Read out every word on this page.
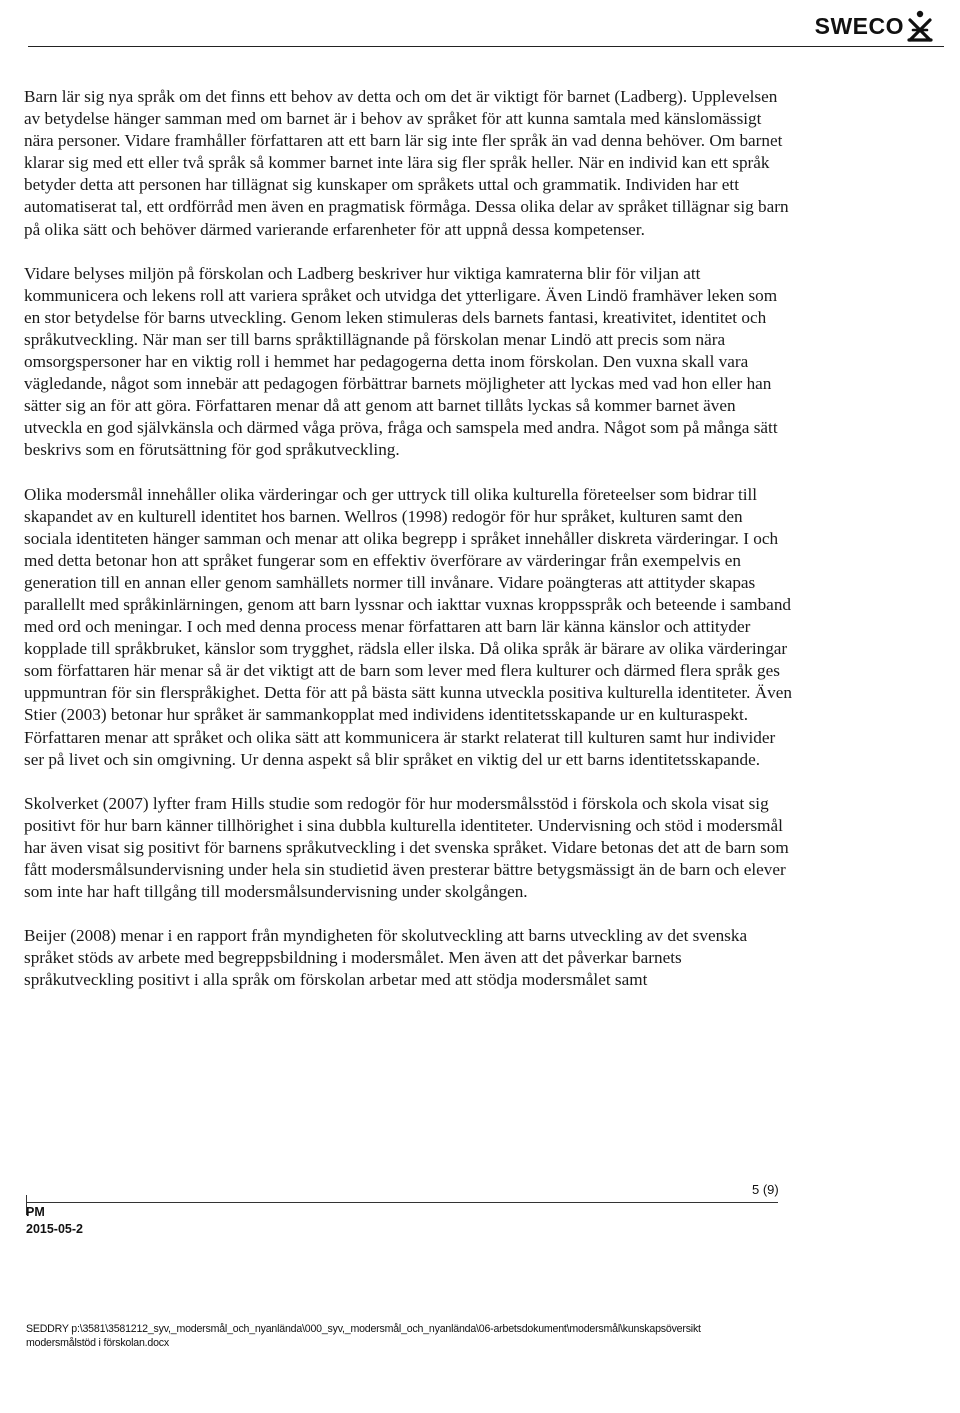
SWECO

Barn lär sig nya språk om det finns ett behov av detta och om det är viktigt för barnet (Ladberg). Upplevelsen av betydelse hänger samman med om barnet är i behov av språket för att kunna samtala med känslomässigt nära personer. Vidare framhåller författaren att ett barn lär sig inte fler språk än vad denna behöver. Om barnet klarar sig med ett eller två språk så kommer barnet inte lära sig fler språk heller. När en individ kan ett språk betyder detta att personen har tillägnat sig kunskaper om språkets uttal och grammatik. Individen har ett automatiserat tal, ett ordförråd men även en pragmatisk förmåga. Dessa olika delar av språket tillägnar sig barn på olika sätt och behöver därmed varierande erfarenheter för att uppnå dessa kompetenser.

Vidare belyses miljön på förskolan och Ladberg beskriver hur viktiga kamraterna blir för viljan att kommunicera och lekens roll att variera språket och utvidga det ytterligare. Även Lindö framhäver leken som en stor betydelse för barns utveckling. Genom leken stimuleras dels barnets fantasi, kreativitet, identitet och språkutveckling. När man ser till barns språktillägnande på förskolan menar Lindö att precis som nära omsorgspersoner har en viktig roll i hemmet har pedagogerna detta inom förskolan. Den vuxna skall vara vägledande, något som innebär att pedagogen förbättrar barnets möjligheter att lyckas med vad hon eller han sätter sig an för att göra. Författaren menar då att genom att barnet tillåts lyckas så kommer barnet även utveckla en god självkänsla och därmed våga pröva, fråga och samspela med andra. Något som på många sätt beskrivs som en förutsättning för god språkutveckling.

Olika modersmål innehåller olika värderingar och ger uttryck till olika kulturella företeelser som bidrar till skapandet av en kulturell identitet hos barnen. Wellros (1998) redogör för hur språket, kulturen samt den sociala identiteten hänger samman och menar att olika begrepp i språket innehåller diskreta värderingar. I och med detta betonar hon att språket fungerar som en effektiv överförare av värderingar från exempelvis en generation till en annan eller genom samhällets normer till invånare. Vidare poängteras att attityder skapas parallellt med språkinlärningen, genom att barn lyssnar och iakttar vuxnas kroppsspråk och beteende i samband med ord och meningar. I och med denna process menar författaren att barn lär känna känslor och attityder kopplade till språkbruket, känslor som trygghet, rädsla eller ilska. Då olika språk är bärare av olika värderingar som författaren här menar så är det viktigt att de barn som lever med flera kulturer och därmed flera språk ges uppmuntran för sin flerspråkighet. Detta för att på bästa sätt kunna utveckla positiva kulturella identiteter. Även Stier (2003) betonar hur språket är sammankopplat med individens identitetsskapande ur en kulturaspekt. Författaren menar att språket och olika sätt att kommunicera är starkt relaterat till kulturen samt hur individer ser på livet och sin omgivning. Ur denna aspekt så blir språket en viktig del ur ett barns identitetsskapande.

Skolverket (2007) lyfter fram Hills studie som redogör för hur modersmålsstöd i förskola och skola visat sig positivt för hur barn känner tillhörighet i sina dubbla kulturella identiteter. Undervisning och stöd i modersmål har även visat sig positivt för barnens språkutveckling i det svenska språket. Vidare betonas det att de barn som fått modersmålsundervisning under hela sin studietid även presterar bättre betygsmässigt än de barn och elever som inte har haft tillgång till modersmålsundervisning under skolgången.

Beijer (2008) menar i en rapport från myndigheten för skolutveckling att barns utveckling av det svenska språket stöds av arbete med begreppsbildning i modersmålet. Men även att det påverkar barnets språkutveckling positivt i alla språk om förskolan arbetar med att stödja modersmålet samt

5 (9)
PM
2015-05-2
SEDDRY p:\3581\3581212_syv,_modersmål_och_nyanlända\000_syv,_modersmål_och_nyanlända\06-arbetsdokument\modersmål\kunskapsöversikt
modersmålstöd i förskolan.docx
